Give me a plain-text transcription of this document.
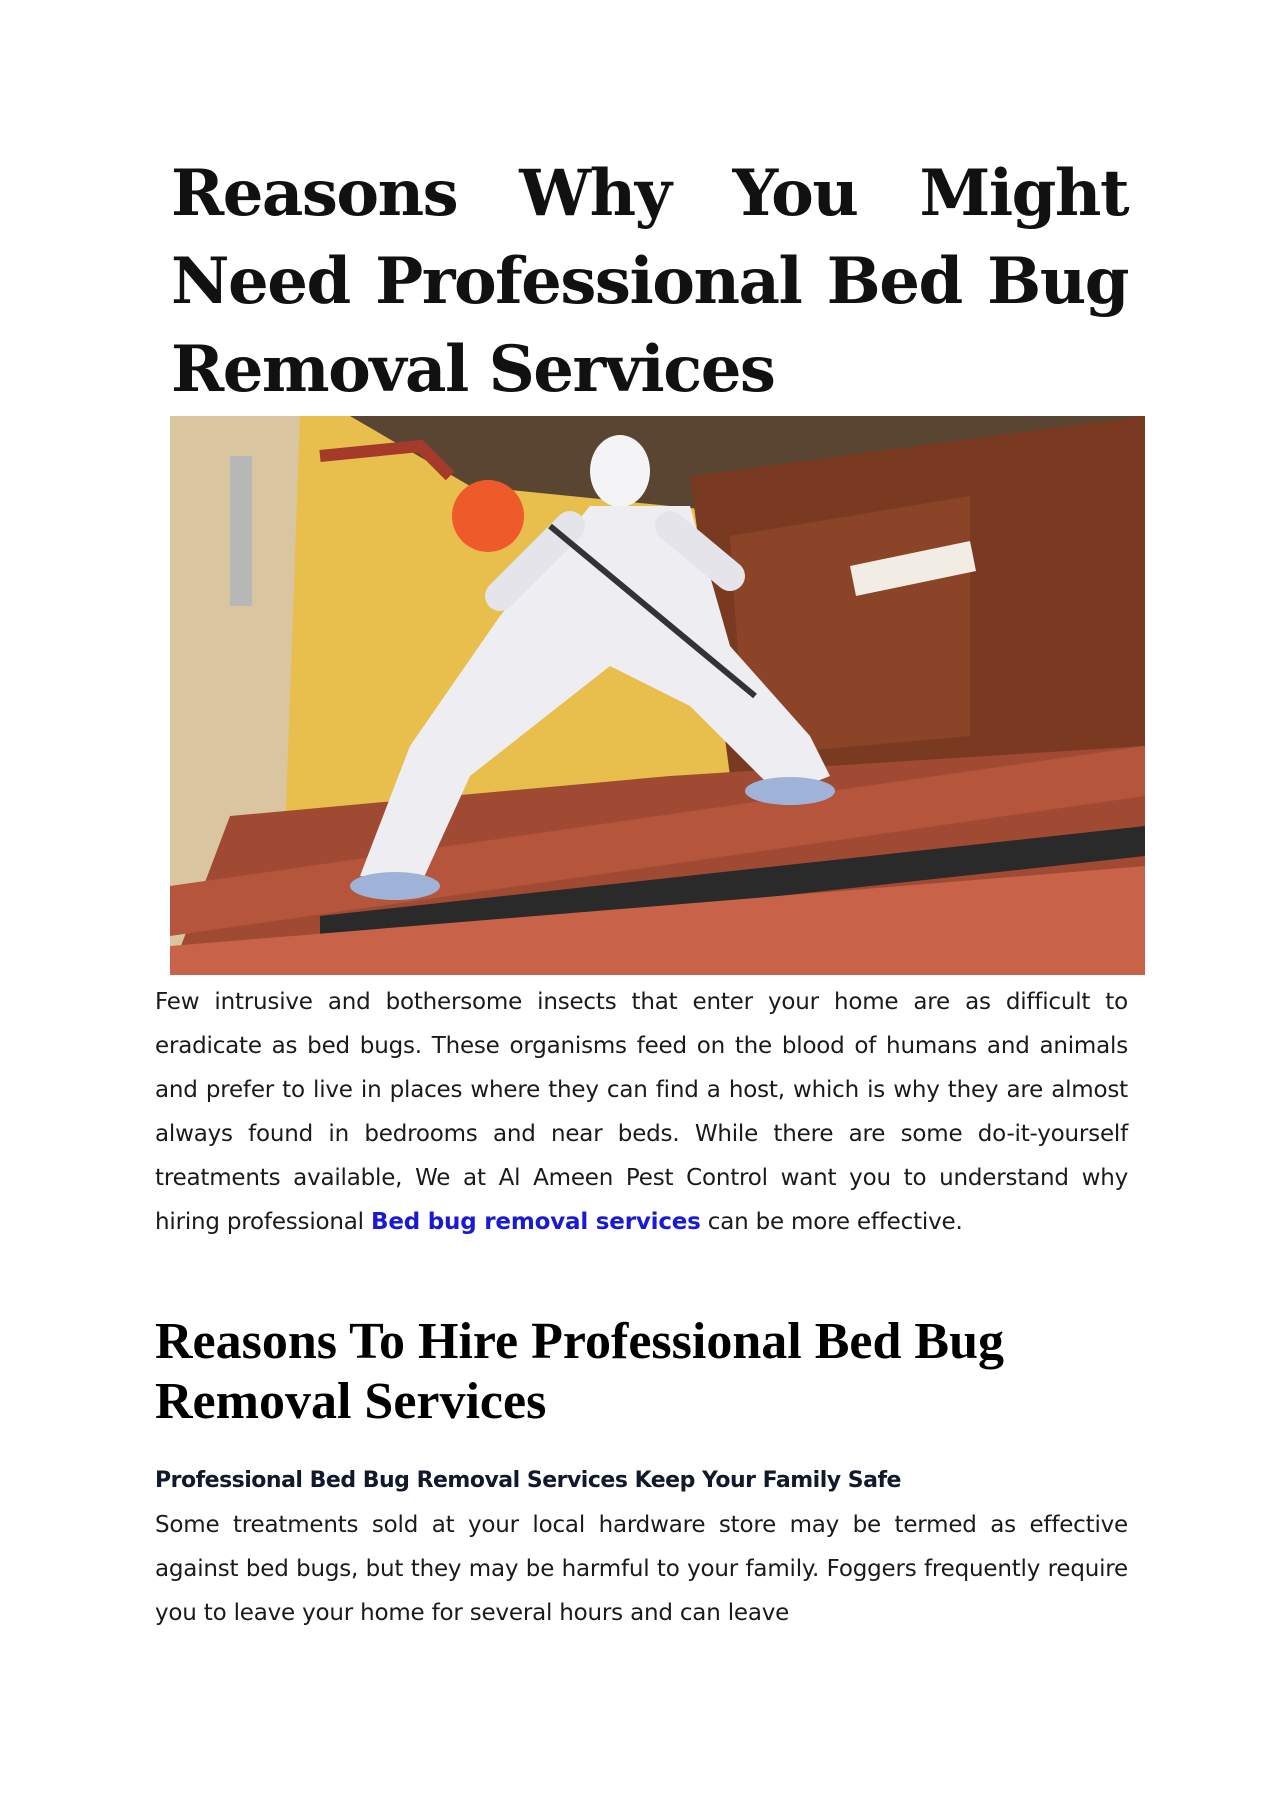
Reasons Why You Might Need Professional Bed Bug Removal Services

Few intrusive and bothersome insects that enter your home are as difficult to eradicate as bed bugs. These organisms feed on the blood of humans and animals and prefer to live in places where they can find a host, which is why they are almost always found in bedrooms and near beds. While there are some do-it-yourself treatments available, We at Al Ameen Pest Control want you to understand why hiring professional Bed bug removal services can be more effective.

Reasons To Hire Professional Bed Bug Removal Services
Professional Bed Bug Removal Services Keep Your Family Safe

Some treatments sold at your local hardware store may be termed as effective against bed bugs, but they may be harmful to your family. Foggers frequently require you to leave your home for several hours and can leave
